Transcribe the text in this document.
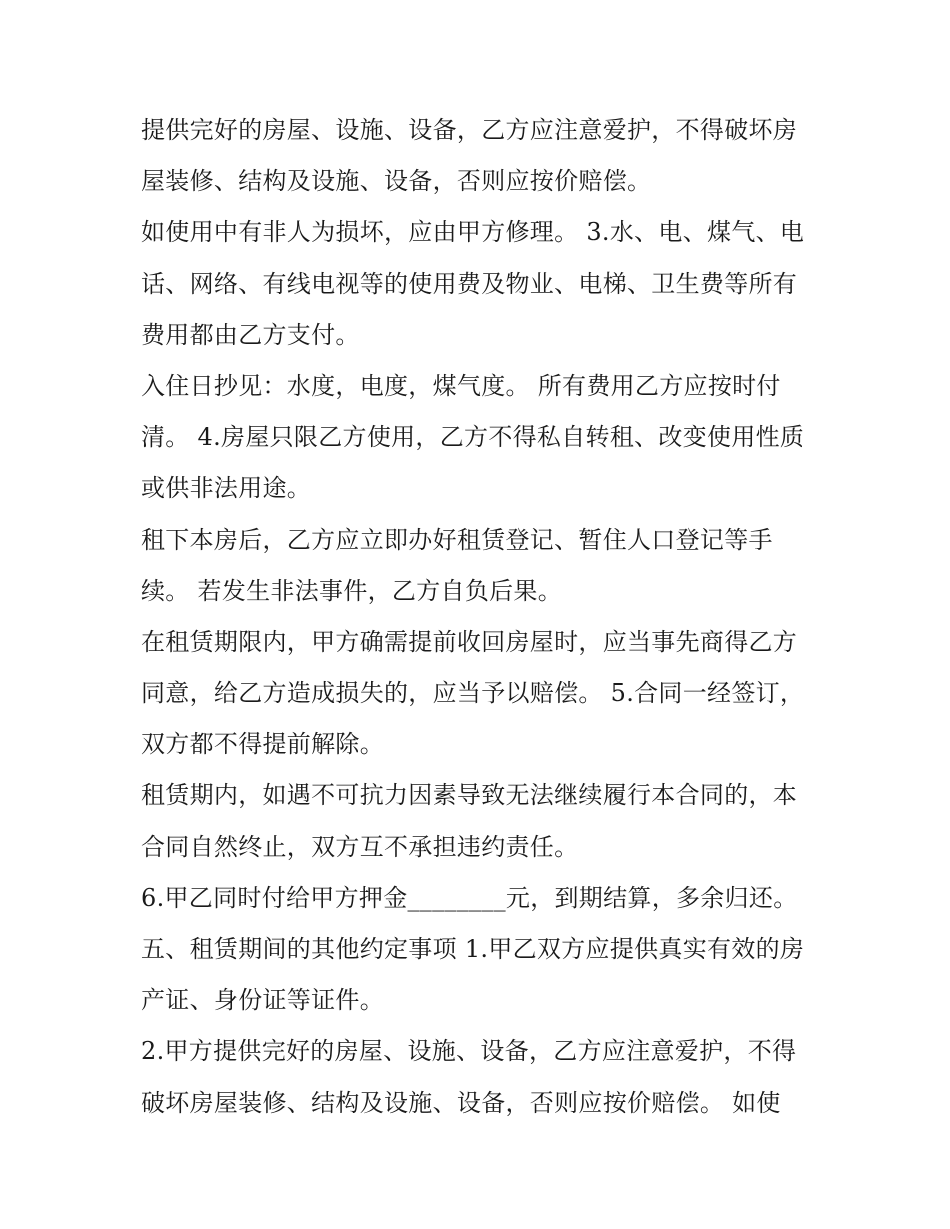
提供完好的房屋、设施、设备，乙方应注意爱护，不得破坏房
屋装修、结构及设施、设备，否则应按价赔偿。
如使用中有非人为损坏，应由甲方修理。 3.水、电、煤气、电
话、网络、有线电视等的使用费及物业、电梯、卫生费等所有
费用都由乙方支付。
入住日抄见：水度，电度，煤气度。 所有费用乙方应按时付
清。 4.房屋只限乙方使用，乙方不得私自转租、改变使用性质
或供非法用途。
租下本房后，乙方应立即办好租赁登记、暂住人口登记等手
续。 若发生非法事件，乙方自负后果。
在租赁期限内，甲方确需提前收回房屋时，应当事先商得乙方
同意，给乙方造成损失的，应当予以赔偿。 5.合同一经签订，
双方都不得提前解除。
租赁期内，如遇不可抗力因素导致无法继续履行本合同的，本
合同自然终止，双方互不承担违约责任。
6.甲乙同时付给甲方押金________元，到期结算，多余归还。
五、租赁期间的其他约定事项 1.甲乙双方应提供真实有效的房
产证、身份证等证件。
2.甲方提供完好的房屋、设施、设备，乙方应注意爱护，不得
破坏房屋装修、结构及设施、设备，否则应按价赔偿。 如使
